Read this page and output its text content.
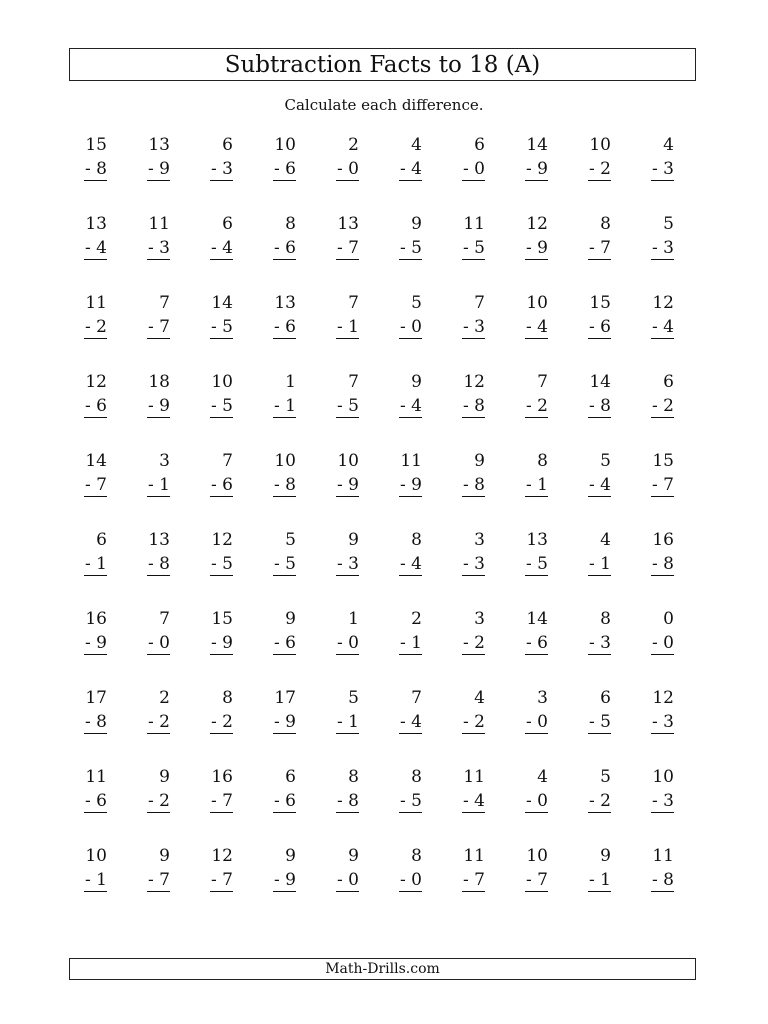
Subtraction Facts to 18 (A)
Calculate each difference.
15
- 8
13
- 9
6
- 3
10
- 6
2
- 0
4
- 4
6
- 0
14
- 9
10
- 2
4
- 3
13
- 4
11
- 3
6
- 4
8
- 6
13
- 7
9
- 5
11
- 5
12
- 9
8
- 7
5
- 3
11
- 2
7
- 7
14
- 5
13
- 6
7
- 1
5
- 0
7
- 3
10
- 4
15
- 6
12
- 4
12
- 6
18
- 9
10
- 5
1
- 1
7
- 5
9
- 4
12
- 8
7
- 2
14
- 8
6
- 2
14
- 7
3
- 1
7
- 6
10
- 8
10
- 9
11
- 9
9
- 8
8
- 1
5
- 4
15
- 7
6
- 1
13
- 8
12
- 5
5
- 5
9
- 3
8
- 4
3
- 3
13
- 5
4
- 1
16
- 8
16
- 9
7
- 0
15
- 9
9
- 6
1
- 0
2
- 1
3
- 2
14
- 6
8
- 3
0
- 0
17
- 8
2
- 2
8
- 2
17
- 9
5
- 1
7
- 4
4
- 2
3
- 0
6
- 5
12
- 3
11
- 6
9
- 2
16
- 7
6
- 6
8
- 8
8
- 5
11
- 4
4
- 0
5
- 2
10
- 3
10
- 1
9
- 7
12
- 7
9
- 9
9
- 0
8
- 0
11
- 7
10
- 7
9
- 1
11
- 8
Math-Drills.com
